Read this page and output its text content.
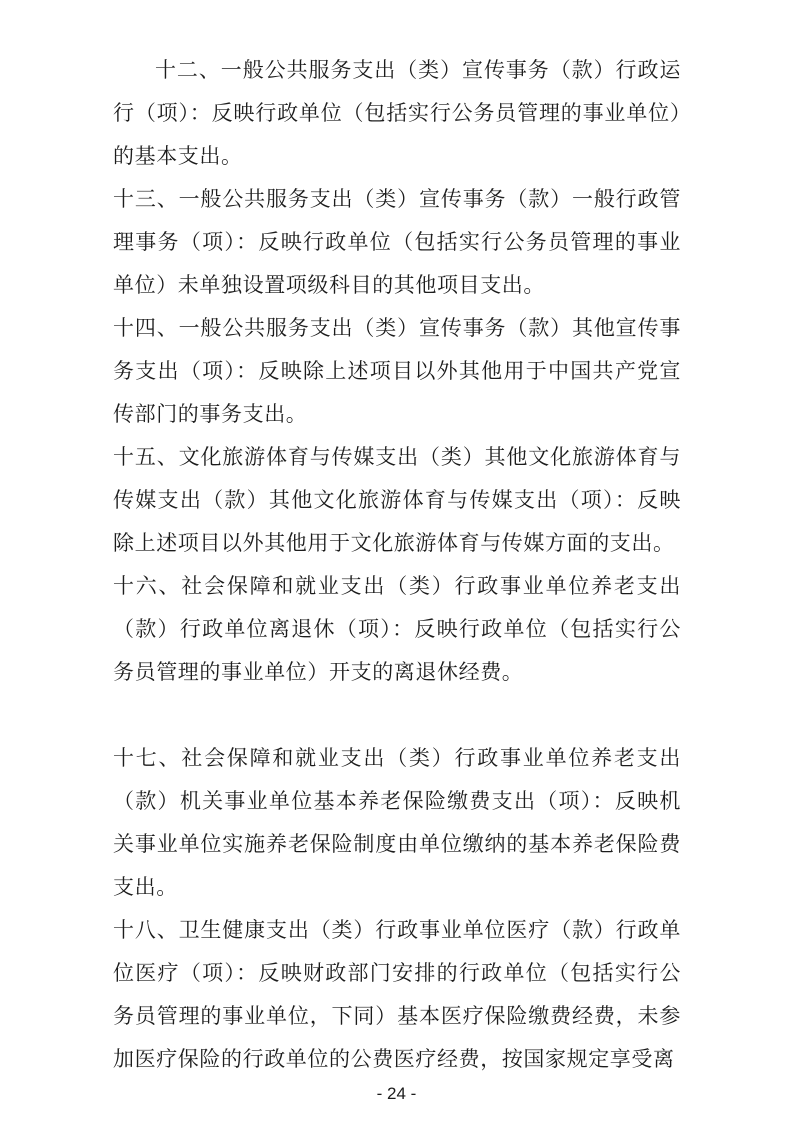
十二、一般公共服务支出（类）宣传事务（款）行政运行（项）：反映行政单位（包括实行公务员管理的事业单位）的基本支出。

十三、一般公共服务支出（类）宣传事务（款）一般行政管理事务（项）：反映行政单位（包括实行公务员管理的事业单位）未单独设置项级科目的其他项目支出。

十四、一般公共服务支出（类）宣传事务（款）其他宣传事务支出（项）：反映除上述项目以外其他用于中国共产党宣传部门的事务支出。

十五、文化旅游体育与传媒支出（类）其他文化旅游体育与传媒支出（款）其他文化旅游体育与传媒支出（项）：反映除上述项目以外其他用于文化旅游体育与传媒方面的支出。

十六、社会保障和就业支出（类）行政事业单位养老支出（款）行政单位离退休（项）：反映行政单位（包括实行公务员管理的事业单位）开支的离退休经费。

十七、社会保障和就业支出（类）行政事业单位养老支出（款）机关事业单位基本养老保险缴费支出（项）：反映机关事业单位实施养老保险制度由单位缴纳的基本养老保险费支出。

十八、卫生健康支出（类）行政事业单位医疗（款）行政单位医疗（项）：反映财政部门安排的行政单位（包括实行公务员管理的事业单位，下同）基本医疗保险缴费经费，未参加医疗保险的行政单位的公费医疗经费，按国家规定享受离

- 24 -
